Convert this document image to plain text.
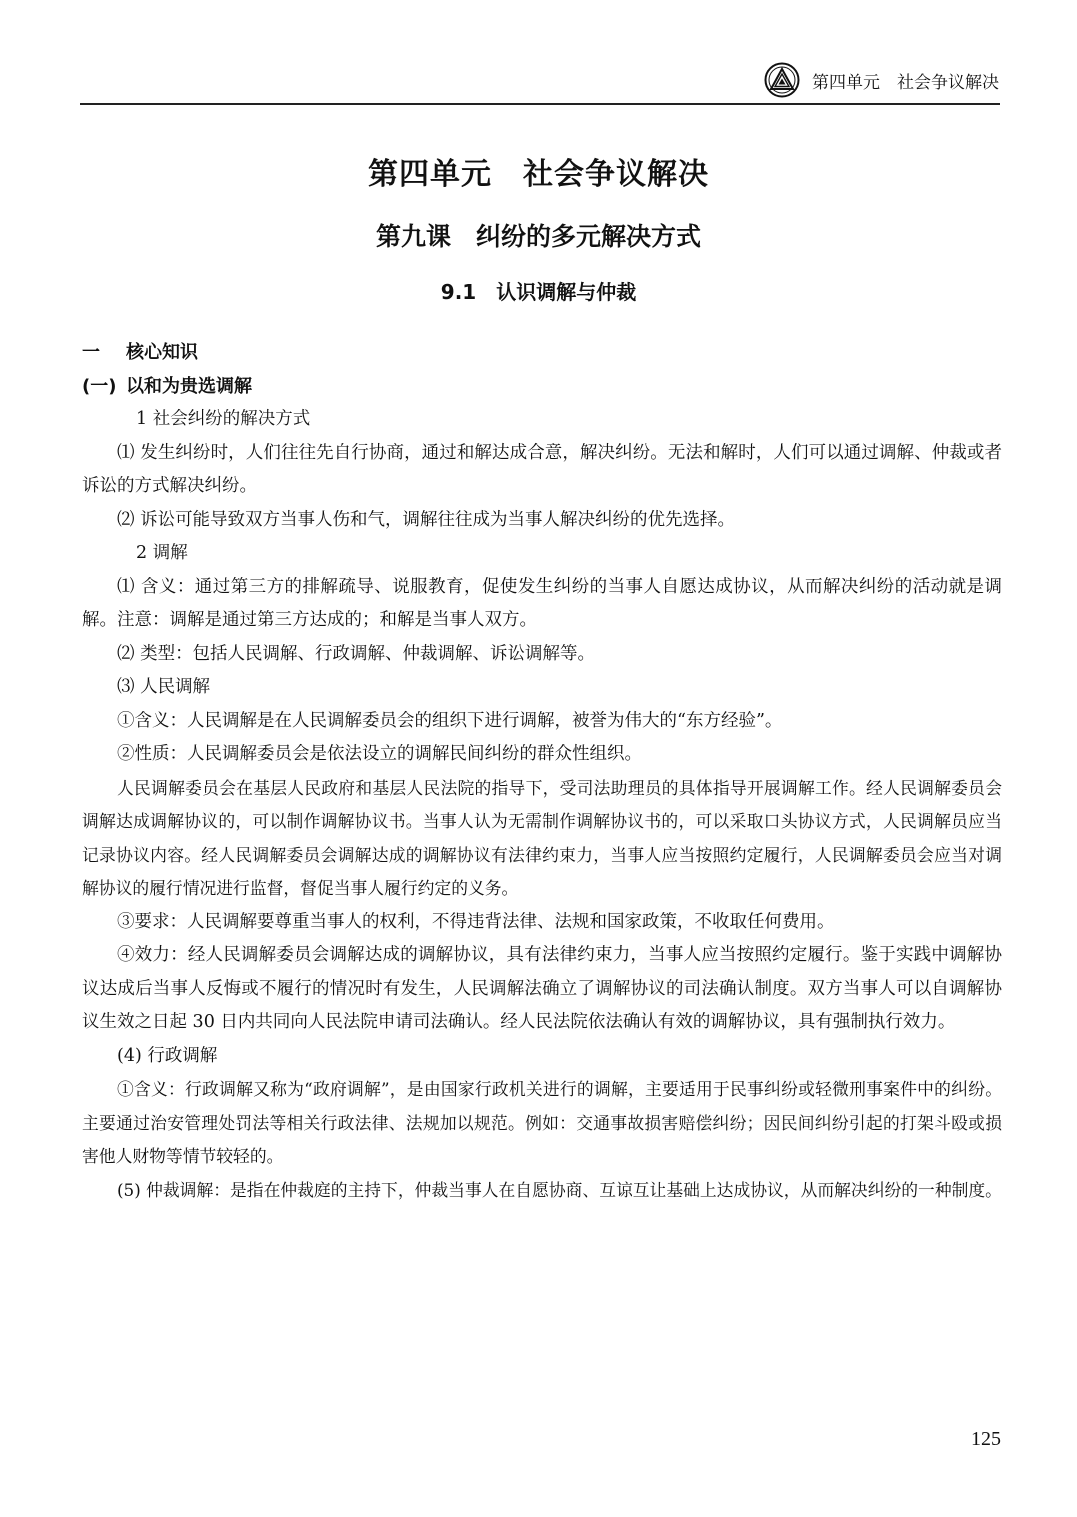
第四单元　社会争议解决
第四单元　社会争议解决
第九课　纠纷的多元解决方式
9.1　认识调解与仲裁

一 核心知识

(一) 以和为贵选调解

1 社会纠纷的解决方式

⑴ 发生纠纷时，人们往往先自行协商，通过和解达成合意，解决纠纷。无法和解时，人们可以通过调解、仲裁或者诉讼的方式解决纠纷。

⑵ 诉讼可能导致双方当事人伤和气，调解往往成为当事人解决纠纷的优先选择。

2 调解

⑴ 含义：通过第三方的排解疏导、说服教育，促使发生纠纷的当事人自愿达成协议，从而解决纠纷的活动就是调解。注意：调解是通过第三方达成的；和解是当事人双方。

⑵ 类型：包括人民调解、行政调解、仲裁调解、诉讼调解等。

⑶ 人民调解

①含义：人民调解是在人民调解委员会的组织下进行调解，被誉为伟大的“东方经验”。

②性质：人民调解委员会是依法设立的调解民间纠纷的群众性组织。

人民调解委员会在基层人民政府和基层人民法院的指导下，受司法助理员的具体指导开展调解工作。经人民调解委员会调解达成调解协议的，可以制作调解协议书。当事人认为无需制作调解协议书的，可以采取口头协议方式，人民调解员应当记录协议内容。经人民调解委员会调解达成的调解协议有法律约束力，当事人应当按照约定履行，人民调解委员会应当对调解协议的履行情况进行监督，督促当事人履行约定的义务。

③要求：人民调解要尊重当事人的权利，不得违背法律、法规和国家政策，不收取任何费用。

④效力：经人民调解委员会调解达成的调解协议，具有法律约束力，当事人应当按照约定履行。鉴于实践中调解协议达成后当事人反悔或不履行的情况时有发生，人民调解法确立了调解协议的司法确认制度。双方当事人可以自调解协议生效之日起 30 日内共同向人民法院申请司法确认。经人民法院依法确认有效的调解协议，具有强制执行效力。

(4) 行政调解

①含义：行政调解又称为“政府调解”，是由国家行政机关进行的调解，主要适用于民事纠纷或轻微刑事案件中的纠纷。主要通过治安管理处罚法等相关行政法律、法规加以规范。例如：交通事故损害赔偿纠纷；因民间纠纷引起的打架斗殴或损害他人财物等情节较轻的。

(5) 仲裁调解：是指在仲裁庭的主持下，仲裁当事人在自愿协商、互谅互让基础上达成协议，从而解决纠纷的一种制度。

125
